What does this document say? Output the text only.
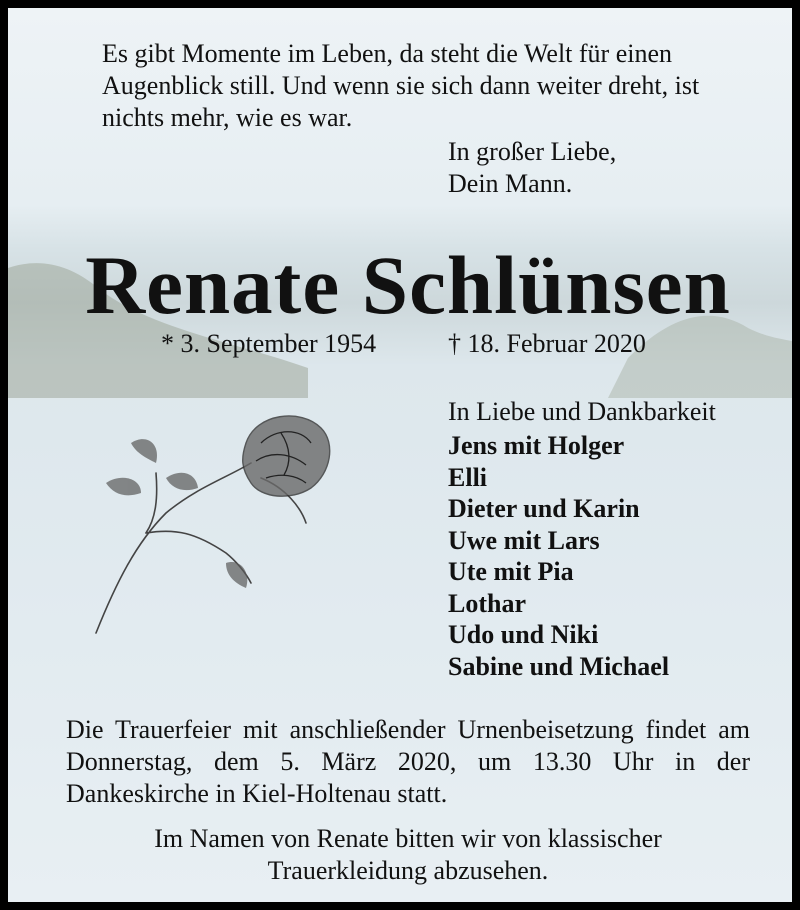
Es gibt Momente im Leben, da steht die Welt für einen Augenblick still. Und wenn sie sich dann weiter dreht, ist nichts mehr, wie es war.
In großer Liebe,
Dein Mann.
Renate Schlünsen
* 3. September 1954	† 18. Februar 2020
In Liebe und Dankbarkeit
Jens mit Holger
Elli
Dieter und Karin
Uwe mit Lars
Ute mit Pia
Lothar
Udo und Niki
Sabine und Michael
Die Trauerfeier mit anschließender Urnenbeisetzung findet am Donnerstag, dem 5. März 2020, um 13.30 Uhr in der Dankeskirche in Kiel-Holtenau statt.
Im Namen von Renate bitten wir von klassischer
Trauerkleidung abzusehen.
